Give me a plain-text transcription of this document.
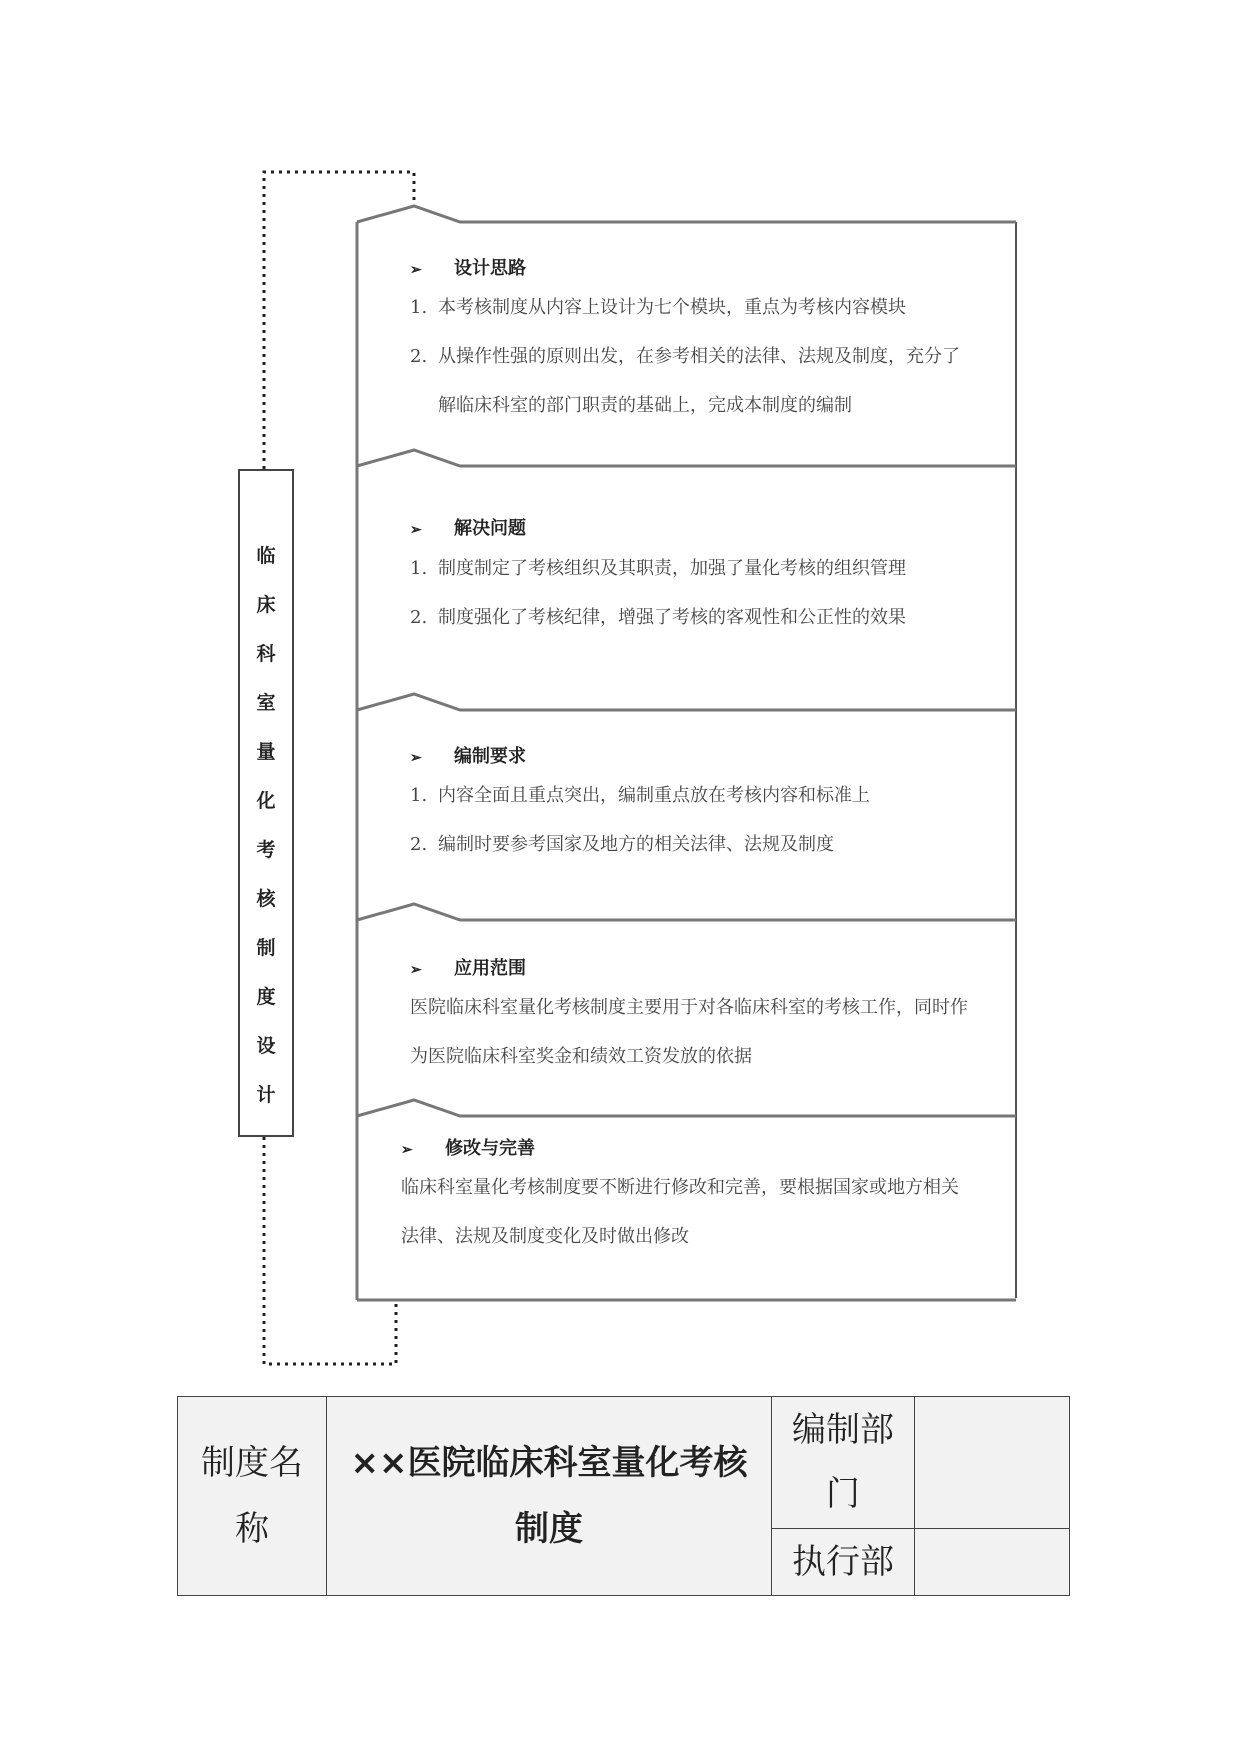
临
床
科
室
量
化
考
核
制
度
设
计
➢ 设计思路
1. 本考核制度从内容上设计为七个模块，重点为考核内容模块
2. 从操作性强的原则出发，在参考相关的法律、法规及制度，充分了
解临床科室的部门职责的基础上，完成本制度的编制
➢ 解决问题
1. 制度制定了考核组织及其职责，加强了量化考核的组织管理
2. 制度强化了考核纪律，增强了考核的客观性和公正性的效果
➢ 编制要求
1. 内容全面且重点突出，编制重点放在考核内容和标准上
2. 编制时要参考国家及地方的相关法律、法规及制度
➢ 应用范围
医院临床科室量化考核制度主要用于对各临床科室的考核工作，同时作
为医院临床科室奖金和绩效工资发放的依据
➢ 修改与完善
临床科室量化考核制度要不断进行修改和完善，要根据国家或地方相关
法律、法规及制度变化及时做出修改
制度名称	××医院临床科室量化考核制度	编制部门	
		执行部	
